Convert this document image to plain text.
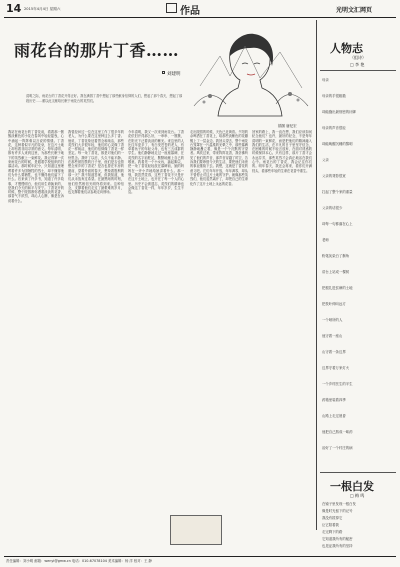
14 2015年4月4日 星期六	作品	光明文汇网页
雨花台的那片丁香……
刘建明
清明之际，雨花台的丁香花开得正好。我在满园丁香中想起了那些献身信仰的人们，想起了那个春天，想起了那段历史……谨以此文献给长眠于雨花台的英烈们。
插图 唐纪宏
我站在雨花台的丁香花前，看着那一簇簇淡紫色的小花在春风中轻轻摇曳，心中涌起一阵阵难以言说的情愫。丁香花，这种看似平凡的花朵，在这片土地上却有着非同寻常的意义。每年清明，都有许多人来到这里，为那些长眠于地下的英烈献上一束鲜花。我记得第一次来雨花台的时候，是跟着学校组织的扫墓活动。那时候年纪小，只知道这里埋葬着许多为国牺牲的烈士，却不懂得他们为什么要牺牲，也不懂得他们留下了什么。后来读了许多书，知道了许多故事，才慢慢明白，他们用生命换来的，是我们今天的和平与安宁。丁香花开的时候，整个陵园都弥漫着淡淡的花香，那香气不浓烈，却沁人心脾，像是在诉说着什么。
我曾经问过一位在这里工作了很多年的老人，为什么要在这里种这么多丁香。他说，丁香花象征着思念和纯洁，那些英烈们大多很年轻，他们的心灵像丁香花一样纯洁，他们的信仰像丁香花一样坚定。每一朵丁香花，都是对他们的一份思念。我听了以后，久久不能平静。在那些被囚禁的日子里，他们是否也曾想念家乡的丁香花？是否也曾在牢房的窗前，望着外面的春天，想象着胜利的那一天？我不知道答案，但我知道，他们从未放弃过希望。在最黑暗的时刻，他们依然相信光明终将到来。这种信念，支撑着他们走过了最艰难的岁月，也支撑着他们从容地走向刑场。
今年清明，我又一次来到雨花台。丁香花依旧开得那么好，一串串、一簇簇，在阳光下泛着淡淡的紫光。来这里的人比往年更多了，有白发苍苍的老人，有牵着孩子的年轻父母，也有三五成群的学生。他们静静地走过一座座墓碑，在英烈的名字前驻足，默默地献上自己的敬意。我看见一个小女孩，踮起脚尖，把一朵丁香花轻轻放在墓碑前，她的妈妈在一旁小声地给她讲着什么。那一刻，我忽然觉得，这些丁香花不只是开在这片土地上，也开在了每一个人的心里。历史不会被遗忘，英烈们的精神也会像这丁香花一样，年年岁岁，生生不息。
走出陵园的时候，天色已近黄昏。夕阳的余晖洒在丁香花上，给那些淡紫色的花瓣镀上了一层金边。我回头望去，整个雨花台笼罩在一片温柔的光晕之中，那些墓碑静静地矗立着，像是一个个沉默的守望者。风吹过来，带来阵阵花香，我仿佛听见了他们的声音，那声音穿越了时空，告诉我们要珍惜今天的生活，要把他们未竟的事业继续下去。我想，这就是丁香花的意义吧。它们年年开放，年年凋零，却从不曾停止对这片土地的守护。就像那些英烈们，他们虽然离开了，却把自己的生命化作了这片土地上永远的花香。
回家的路上，我一直在想，我们应该如何纪念他们？也许，最好的纪念，不是每年清明的一束鲜花，而是把他们的精神融入我们的生活，在平凡的日子里坚守信念，在困难的时候不轻言放弃，在面对诱惑的时候保持本心。只有这样，那片丁香才会永远芬芳，那些英烈才会真正地活在我们心中。雨花台的丁香花，我会记住你们的。明年春天，我还会再来，看你们开满枝头，看那些年轻的生命在花香中重生。
人物志
（组诗）
□ 李 艳
母亲
母亲的手很粗糙
却能缝出最细密的针脚
母亲的声音很轻
却能唤醒沉睡的黎明
父亲
父亲的背影很宽
扛起了整个家的重量
父亲的话很少
却每一句都落在心上
老师
粉笔灰染白了鬓角
讲台上站成一棵树
把根扎进贫瘠的土地
把枝叶伸向远方
一个哨所的人
他守着一座山
山守着一条边界
边界守着万家灯火
一个乡村医生的半生
药箱里装着四季
山路上走过晨昏
他把自己熬成一味药
治好了一个村庄的病
一根白发
□ 梅 鸣
在镜子里发现一根白发
像是时光留下的记号
我没有拔掉它
让它陪着我
走完剩下的路
它知道我所有的秘密
也见证我所有的坚持
责任编辑：刘小明 邮箱：wenyi@gmw.cn 电话：010-67078104 美术编辑：杨 洋 校对：王 静
